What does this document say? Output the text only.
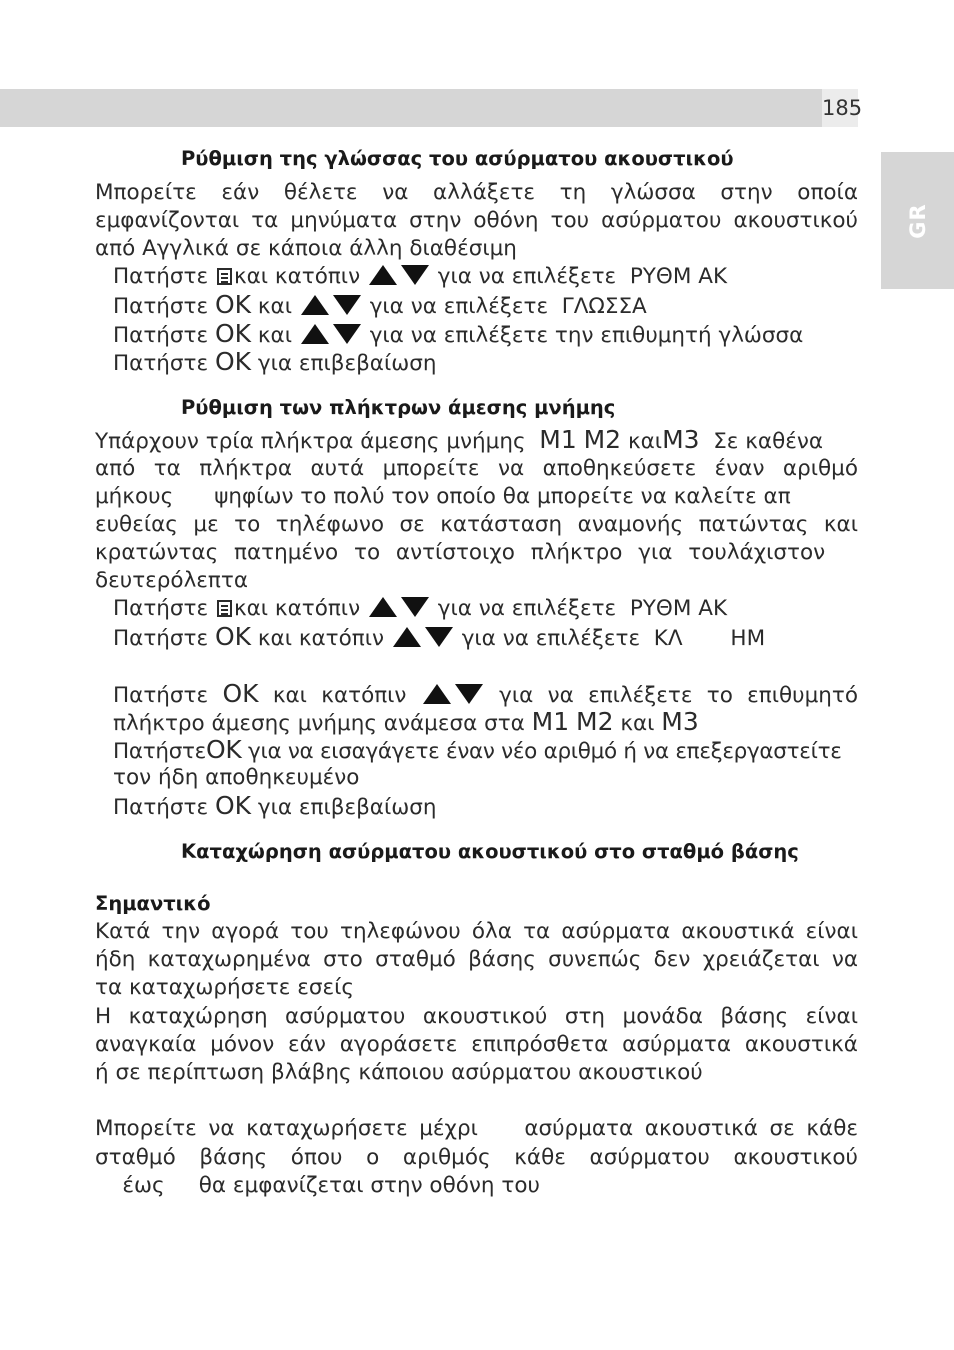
185
GR
Ρύθμιση της γλώσσας του ασύρματου ακουστικού

Μπορείτε εάν θέλετε να αλλάξετε τη γλώσσα στην οποία

εμφανίζονται τα μηνύματα στην οθόνη του ασύρματου ακουστικού

από Αγγλικά σε κάποια άλλη διαθέσιμη

Πατήστε και κατόπιν	για να επιλέξετε ΡΥΘΜ ΑΚ

Πατήστε OK και	για να επιλέξετε ΓΛΩΣΣΑ

Πατήστε OK και	για να επιλέξετε την επιθυμητή γλώσσα

Πατήστε OK για επιβεβαίωση

Ρύθμιση των πλήκτρων άμεσης μνήμης

Υπάρχουν τρία πλήκτρα άμεσης μνήμης M1 M2 καιM3 Σε καθένα

από τα πλήκτρα αυτά μπορείτε να αποθηκεύσετε έναν αριθμό

μήκους      ψηφίων το πολύ τον οποίο θα μπορείτε να καλείτε απ

ευθείας με το τηλέφωνο σε κατάσταση αναμονής πατώντας και

κρατώντας πατημένο το αντίστοιχο πλήκτρο για τουλάχιστον

δευτερόλεπτα

Πατήστε και κατόπιν	για να επιλέξετε ΡΥΘΜ ΑΚ

Πατήστε OK και κατόπιν	για να επιλέξετε ΚΛ       ΗΜ

Πατήστε OK και κατόπιν	για να επιλέξετε το επιθυμητό

πλήκτρο άμεσης μνήμης ανάμεσα στα M1 M2 και M3

ΠατήστεOK για να εισαγάγετε έναν νέο αριθμό ή να επεξεργαστείτε

τον ήδη αποθηκευμένο

Πατήστε OK για επιβεβαίωση

Καταχώρηση ασύρματου ακουστικού στο σταθμό βάσης
Σημαντικό

Κατά την αγορά του τηλεφώνου όλα τα ασύρματα ακουστικά είναι

ήδη καταχωρημένα στο σταθμό βάσης συνεπώς δεν χρειάζεται να

τα καταχωρήσετε εσείς

Η καταχώρηση ασύρματου ακουστικού στη μονάδα βάσης είναι

αναγκαία μόνον εάν αγοράσετε επιπρόσθετα ασύρματα ακουστικά

ή σε περίπτωση βλάβης κάποιου ασύρματου ακουστικού

Μπορείτε να καταχωρήσετε μέχρι    ασύρματα ακουστικά σε κάθε

σταθμό βάσης όπου ο αριθμός κάθε ασύρματου ακουστικού

έως     θα εμφανίζεται στην οθόνη του
